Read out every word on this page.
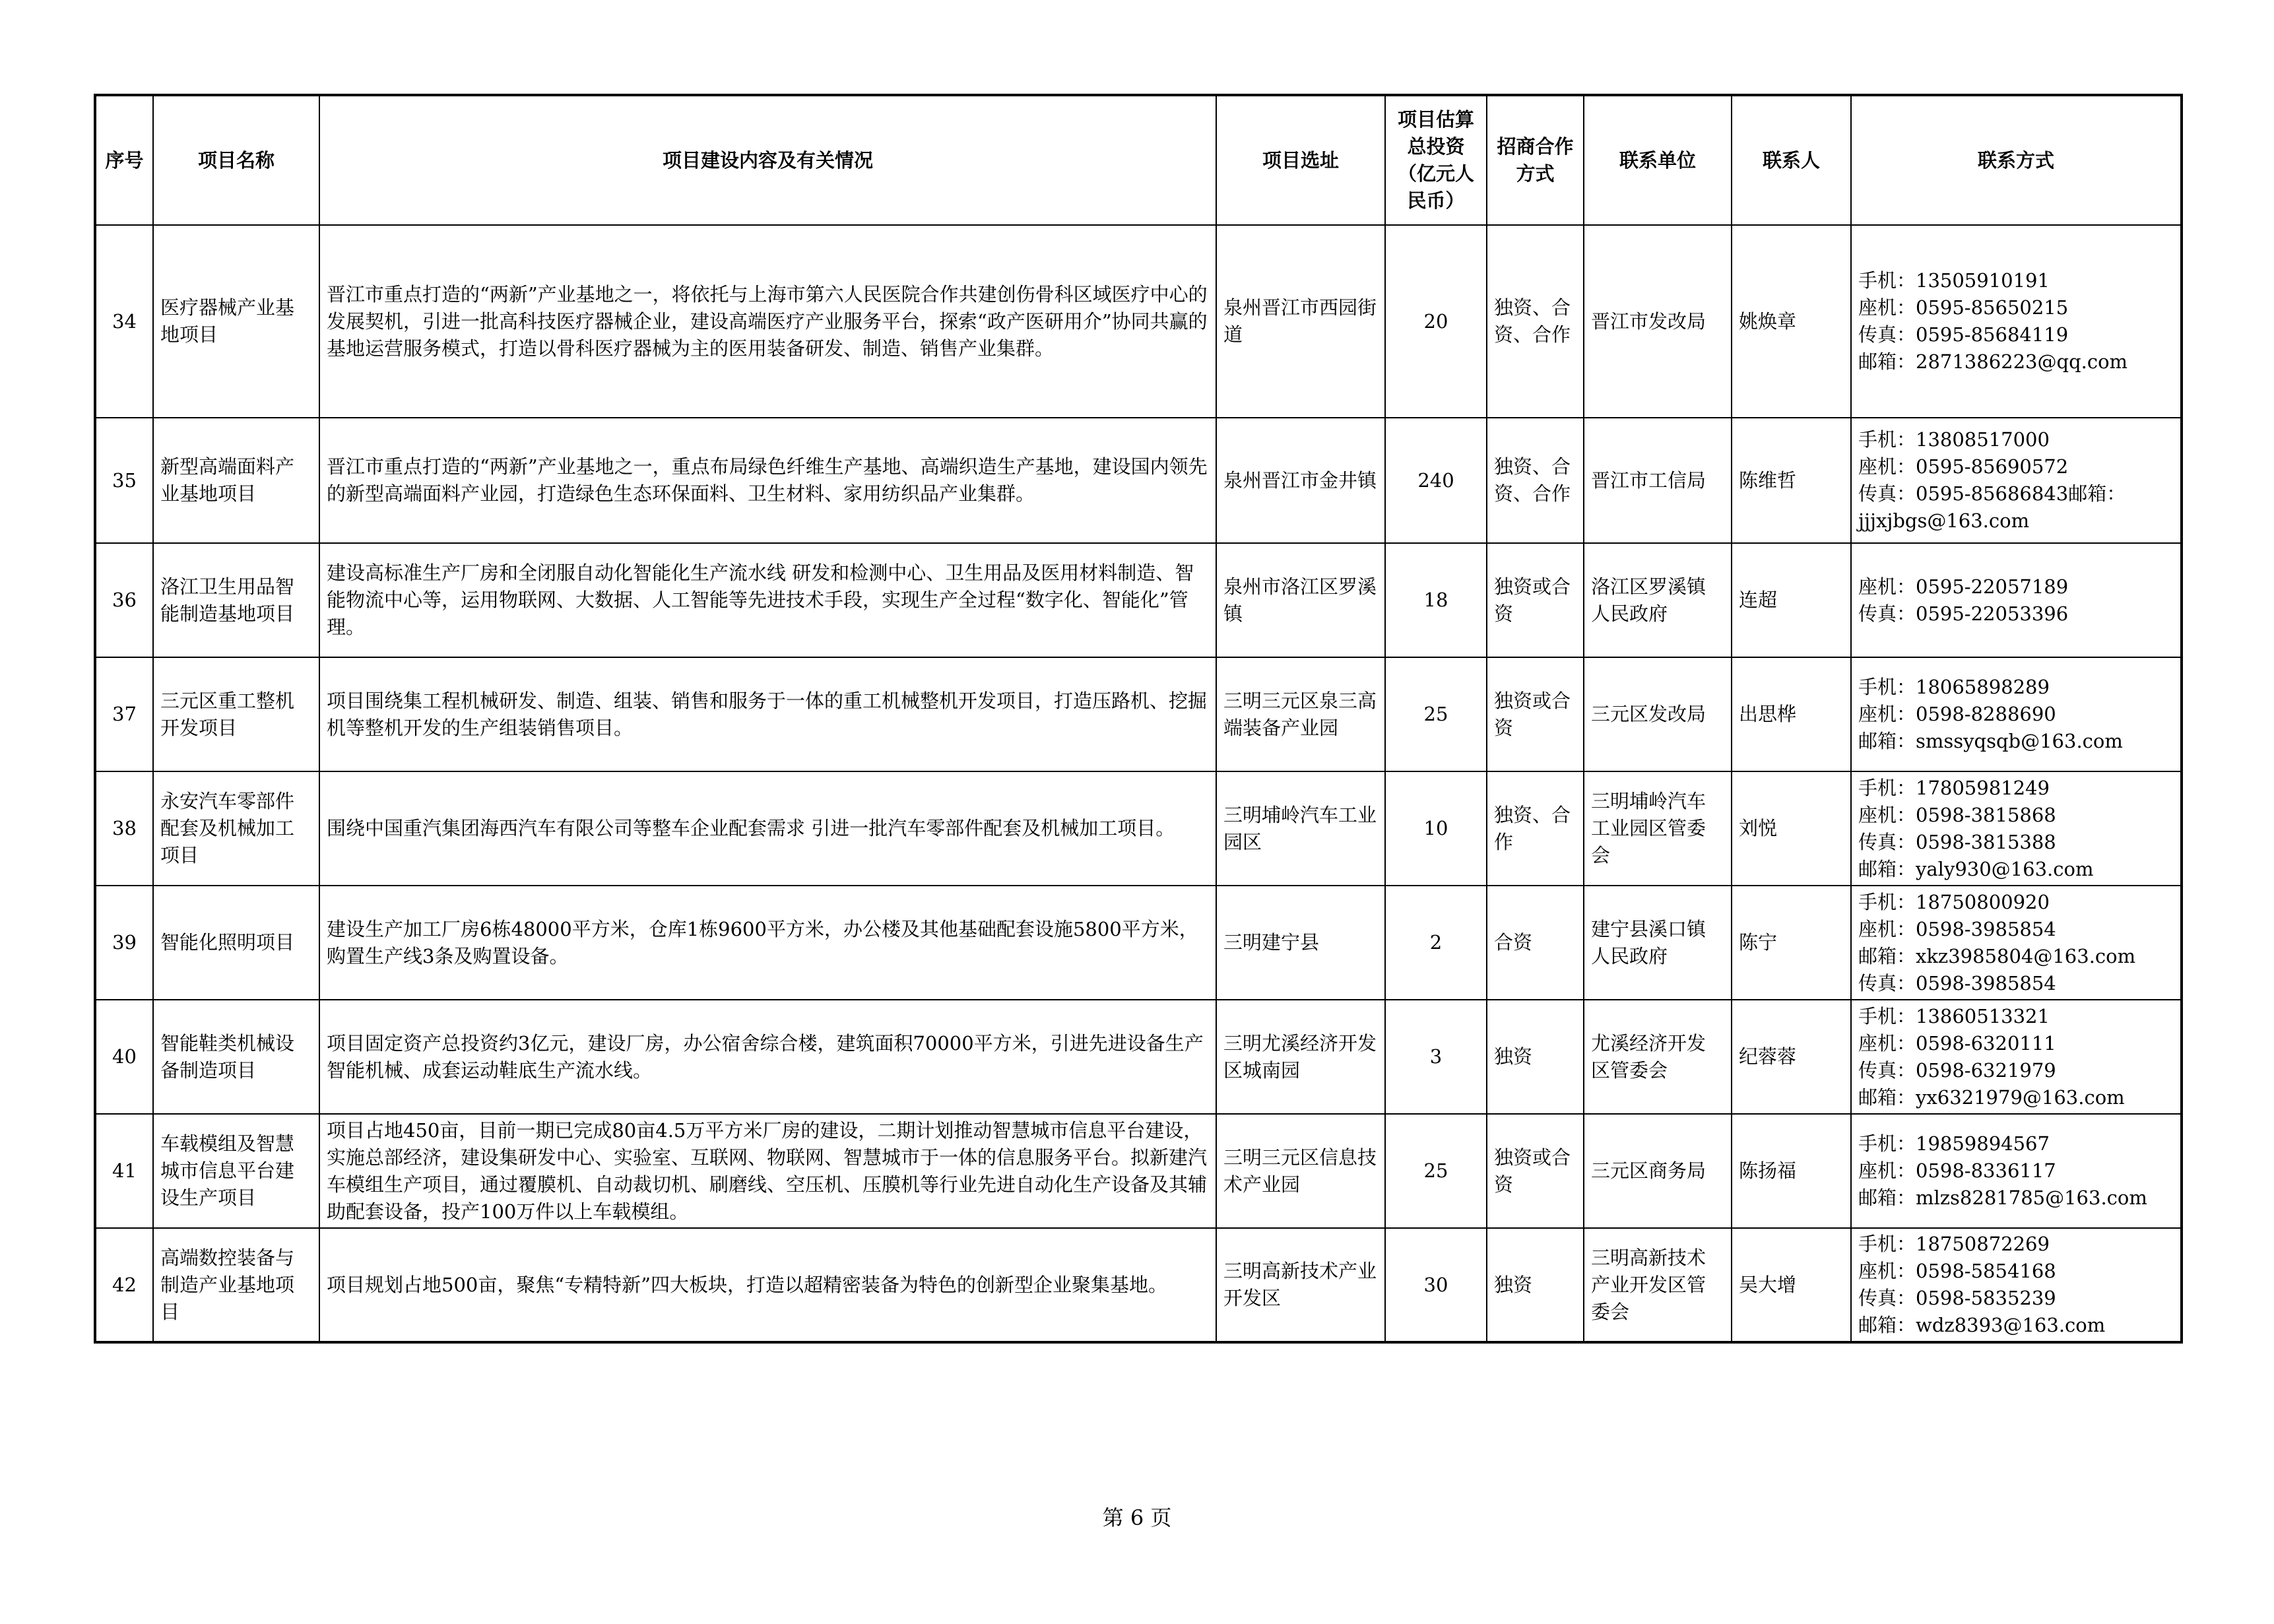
序号	项目名称	项目建设内容及有关情况	项目选址	项目估算总投资（亿元人民币）	招商合作方式	联系单位	联系人	联系方式
34	医疗器械产业基地项目	晋江市重点打造的“两新”产业基地之一，将依托与上海市第六人民医院合作共建创伤骨科区域医疗中心的发展契机，引进一批高科技医疗器械企业，建设高端医疗产业服务平台，探索“政产医研用介”协同共赢的基地运营服务模式，打造以骨科医疗器械为主的医用装备研发、制造、销售产业集群。	泉州晋江市西园街道	20	独资、合资、合作	晋江市发改局	姚焕章	手机：13505910191
座机：0595-85650215
传真：0595-85684119
邮箱：2871386223@qq.com

35	新型高端面料产业基地项目	晋江市重点打造的“两新”产业基地之一，重点布局绿色纤维生产基地、高端织造生产基地，建设国内领先的新型高端面料产业园，打造绿色生态环保面料、卫生材料、家用纺织品产业集群。	泉州晋江市金井镇	240	独资、合资、合作	晋江市工信局	陈维哲	手机：13808517000
座机：0595-85690572
传真：0595-85686843邮箱：
jjjxjbgs@163.com

36	洛江卫生用品智能制造基地项目	建设高标准生产厂房和全闭服自动化智能化生产流水线 研发和检测中心、卫生用品及医用材料制造、智能物流中心等，运用物联网、大数据、人工智能等先进技术手段，实现生产全过程“数字化、智能化”管理。	泉州市洛江区罗溪镇	18	独资或合资	洛江区罗溪镇人民政府	连超	座机：0595-22057189
传真：0595-22053396

37	三元区重工整机开发项目	项目围绕集工程机械研发、制造、组装、销售和服务于一体的重工机械整机开发项目，打造压路机、挖掘机等整机开发的生产组装销售项目。	三明三元区泉三高端装备产业园	25	独资或合资	三元区发改局	出思桦	手机：18065898289
座机：0598-8288690
邮箱：smssyqsqb@163.com

38	永安汽车零部件配套及机械加工项目	围绕中国重汽集团海西汽车有限公司等整车企业配套需求 引进一批汽车零部件配套及机械加工项目。	三明埔岭汽车工业园区	10	独资、合作	三明埔岭汽车工业园区管委会	刘悦	手机：17805981249
座机：0598-3815868
传真：0598-3815388
邮箱：yaly930@163.com

39	智能化照明项目	建设生产加工厂房6栋48000平方米，仓库1栋9600平方米，办公楼及其他基础配套设施5800平方米，购置生产线3条及购置设备。	三明建宁县	2	合资	建宁县溪口镇人民政府	陈宁	手机：18750800920
座机：0598-3985854
邮箱：xkz3985804@163.com
传真：0598-3985854

40	智能鞋类机械设备制造项目	项目固定资产总投资约3亿元，建设厂房，办公宿舍综合楼，建筑面积70000平方米，引进先进设备生产智能机械、成套运动鞋底生产流水线。	三明尤溪经济开发区城南园	3	独资	尤溪经济开发区管委会	纪蓉蓉	手机：13860513321
座机：0598-6320111
传真：0598-6321979
邮箱：yx6321979@163.com

41	车载模组及智慧城市信息平台建设生产项目	项目占地450亩，目前一期已完成80亩4.5万平方米厂房的建设，二期计划推动智慧城市信息平台建设，实施总部经济，建设集研发中心、实验室、互联网、物联网、智慧城市于一体的信息服务平台。拟新建汽车模组生产项目，通过覆膜机、自动裁切机、刷磨线、空压机、压膜机等行业先进自动化生产设备及其辅助配套设备，投产100万件以上车载模组。	三明三元区信息技术产业园	25	独资或合资	三元区商务局	陈扬福	手机：19859894567
座机：0598-8336117
邮箱：mlzs8281785@163.com

42	高端数控装备与制造产业基地项目	项目规划占地500亩，聚焦“专精特新”四大板块，打造以超精密装备为特色的创新型企业聚集基地。	三明高新技术产业开发区	30	独资	三明高新技术产业开发区管委会	吴大增	手机：18750872269
座机：0598-5854168
传真：0598-5835239
邮箱：wdz8393@163.com
第 6 页
